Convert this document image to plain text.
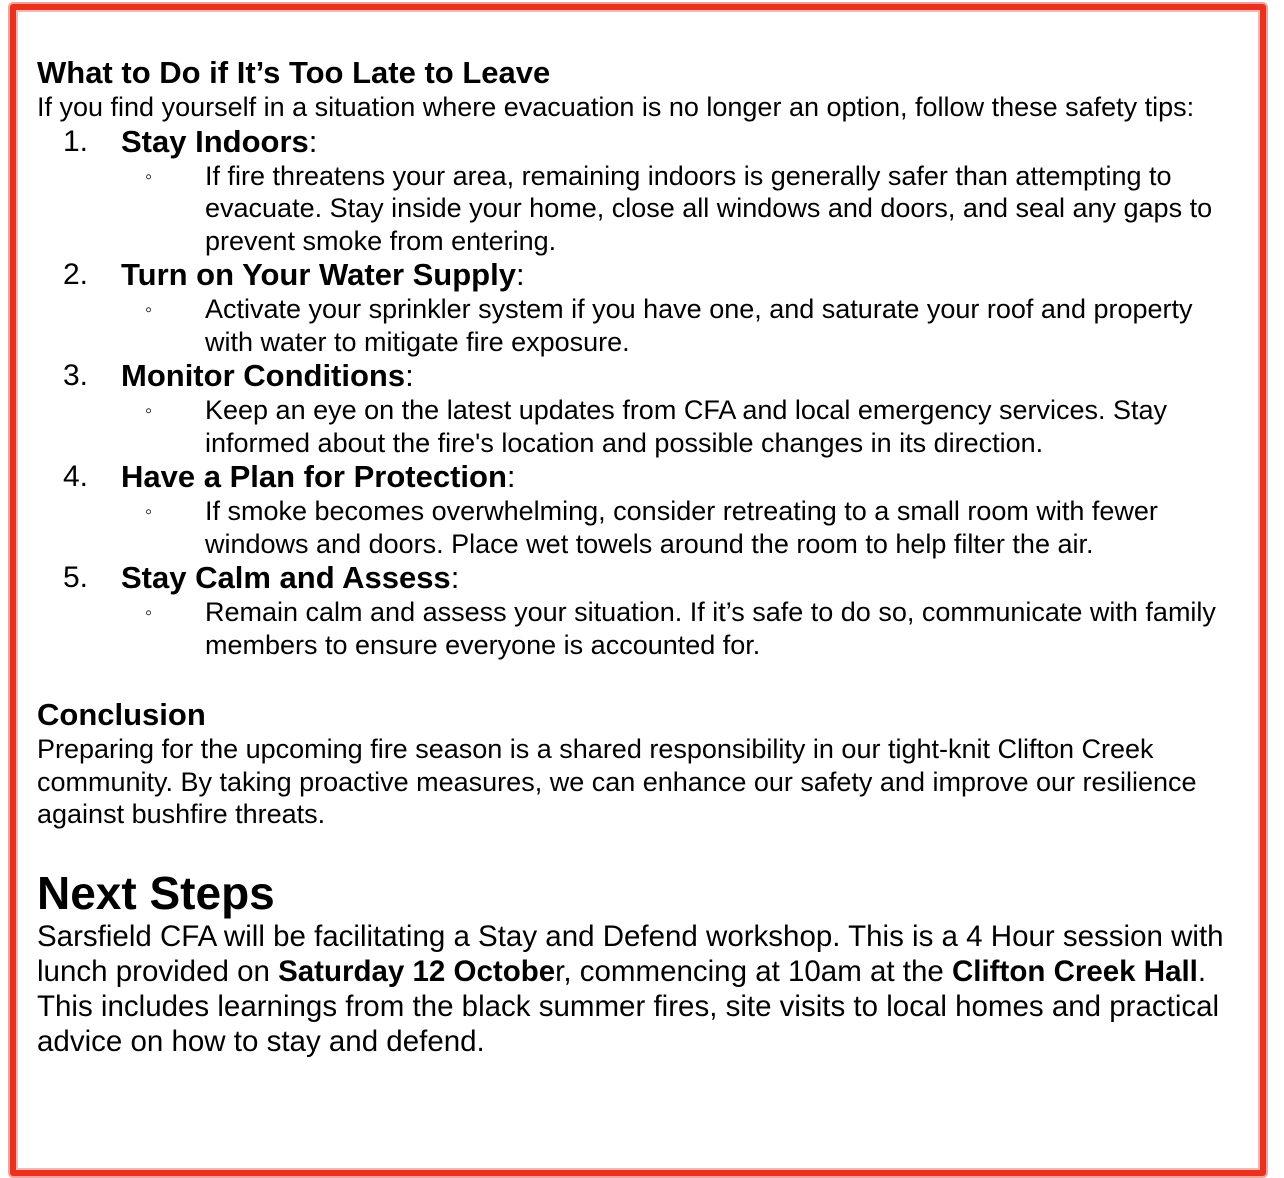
What to Do if It’s Too Late to Leave

If you find yourself in a situation where evacuation is no longer an option, follow these safety tips:

1. Stay Indoors:
◦ If fire threatens your area, remaining indoors is generally safer than attempting to evacuate. Stay inside your home, close all windows and doors, and seal any gaps to prevent smoke from entering.
2. Turn on Your Water Supply:
◦ Activate your sprinkler system if you have one, and saturate your roof and property with water to mitigate fire exposure.
3. Monitor Conditions:
◦ Keep an eye on the latest updates from CFA and local emergency services. Stay informed about the fire's location and possible changes in its direction.
4. Have a Plan for Protection:
◦ If smoke becomes overwhelming, consider retreating to a small room with fewer windows and doors. Place wet towels around the room to help filter the air.
5. Stay Calm and Assess:
◦ Remain calm and assess your situation. If it’s safe to do so, communicate with family members to ensure everyone is accounted for.
Conclusion

Preparing for the upcoming fire season is a shared responsibility in our tight-knit Clifton Creek community. By taking proactive measures, we can enhance our safety and improve our resilience against bushfire threats.

Next Steps

Sarsfield CFA will be facilitating a Stay and Defend workshop. This is a 4 Hour session with lunch provided on Saturday 12 October, commencing at 10am at the Clifton Creek Hall. This includes learnings from the black summer fires, site visits to local homes and practical advice on how to stay and defend.
